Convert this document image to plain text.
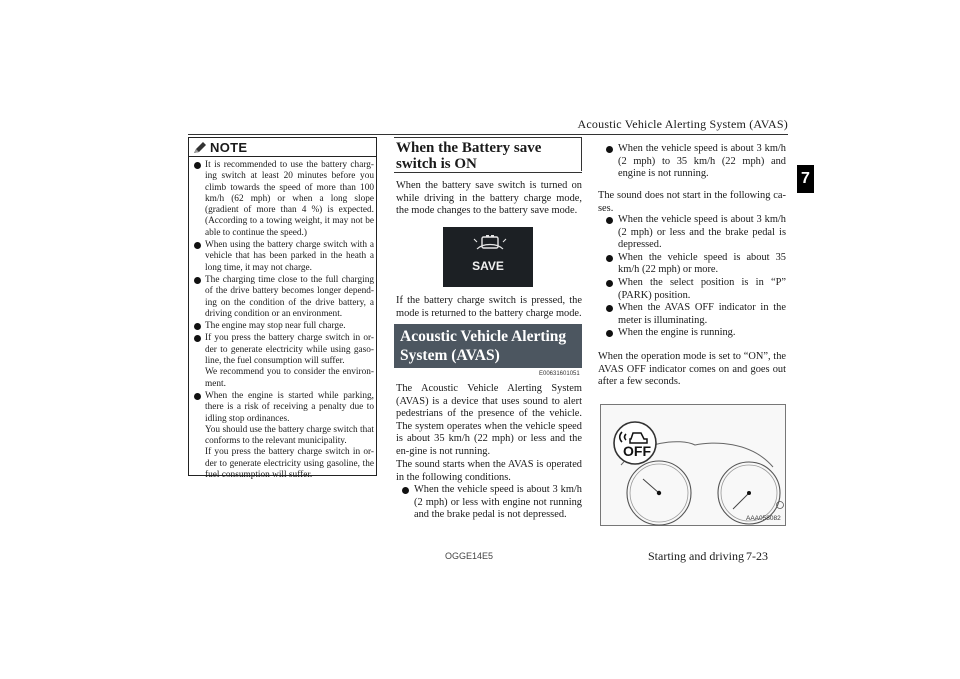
Acoustic Vehicle Alerting System (AVAS)
7
NOTE
It is recommended to use the battery charg-ing switch at least 20 minutes before you climb towards the speed of more than 100 km/h (62 mph) or when a long slope (gradient of more than 4 %) is expected. (According to a towing weight, it may not be able to continue the speed.)
When using the battery charge switch with a vehicle that has been parked in the heath a long time, it may not charge.
The charging time close to the full charging of the drive battery becomes longer depend-ing on the condition of the drive battery, a driving condition or an environment.
The engine may stop near full charge.
If you press the battery charge switch in or-der to generate electricity while using gaso-line, the fuel consumption will suffer.
We recommend you to consider the environ-ment.
When the engine is started while parking, there is a risk of receiving a penalty due to idling stop ordinances.
You should use the battery charge switch that conforms to the relevant municipality.
If you press the battery charge switch in or-der to generate electricity using gasoline, the fuel consumption will suffer.
When the Battery save switch is ON
When the battery save switch is turned on while driving in the battery charge mode, the mode changes to the battery save mode.
SAVE
If the battery charge switch is pressed, the mode is returned to the battery charge mode.
Acoustic Vehicle Alerting System (AVAS)
E00631601051
The Acoustic Vehicle Alerting System (AVAS) is a device that uses sound to alert pedestrians of the presence of the vehicle. The system operates when the vehicle speed is about 35 km/h (22 mph) or less and the en-gine is not running.
The sound starts when the AVAS is operated in the following conditions.
When the vehicle speed is about 3 km/h (2 mph) or less with engine not running and the brake pedal is not depressed.
When the vehicle speed is about 3 km/h (2 mph) to 35 km/h (22 mph) and engine is not running.
The sound does not start in the following ca-ses.
When the vehicle speed is about 3 km/h (2 mph) or less and the brake pedal is depressed.
When the vehicle speed is about 35 km/h (22 mph) or more.
When the select position is in “P” (PARK) position.
When the AVAS OFF indicator in the meter is illuminating.
When the engine is running.
When the operation mode is set to “ON”, the AVAS OFF indicator comes on and goes out after a few seconds.
OFF
AAA058082
OGGE14E5	Starting and driving 7-23
